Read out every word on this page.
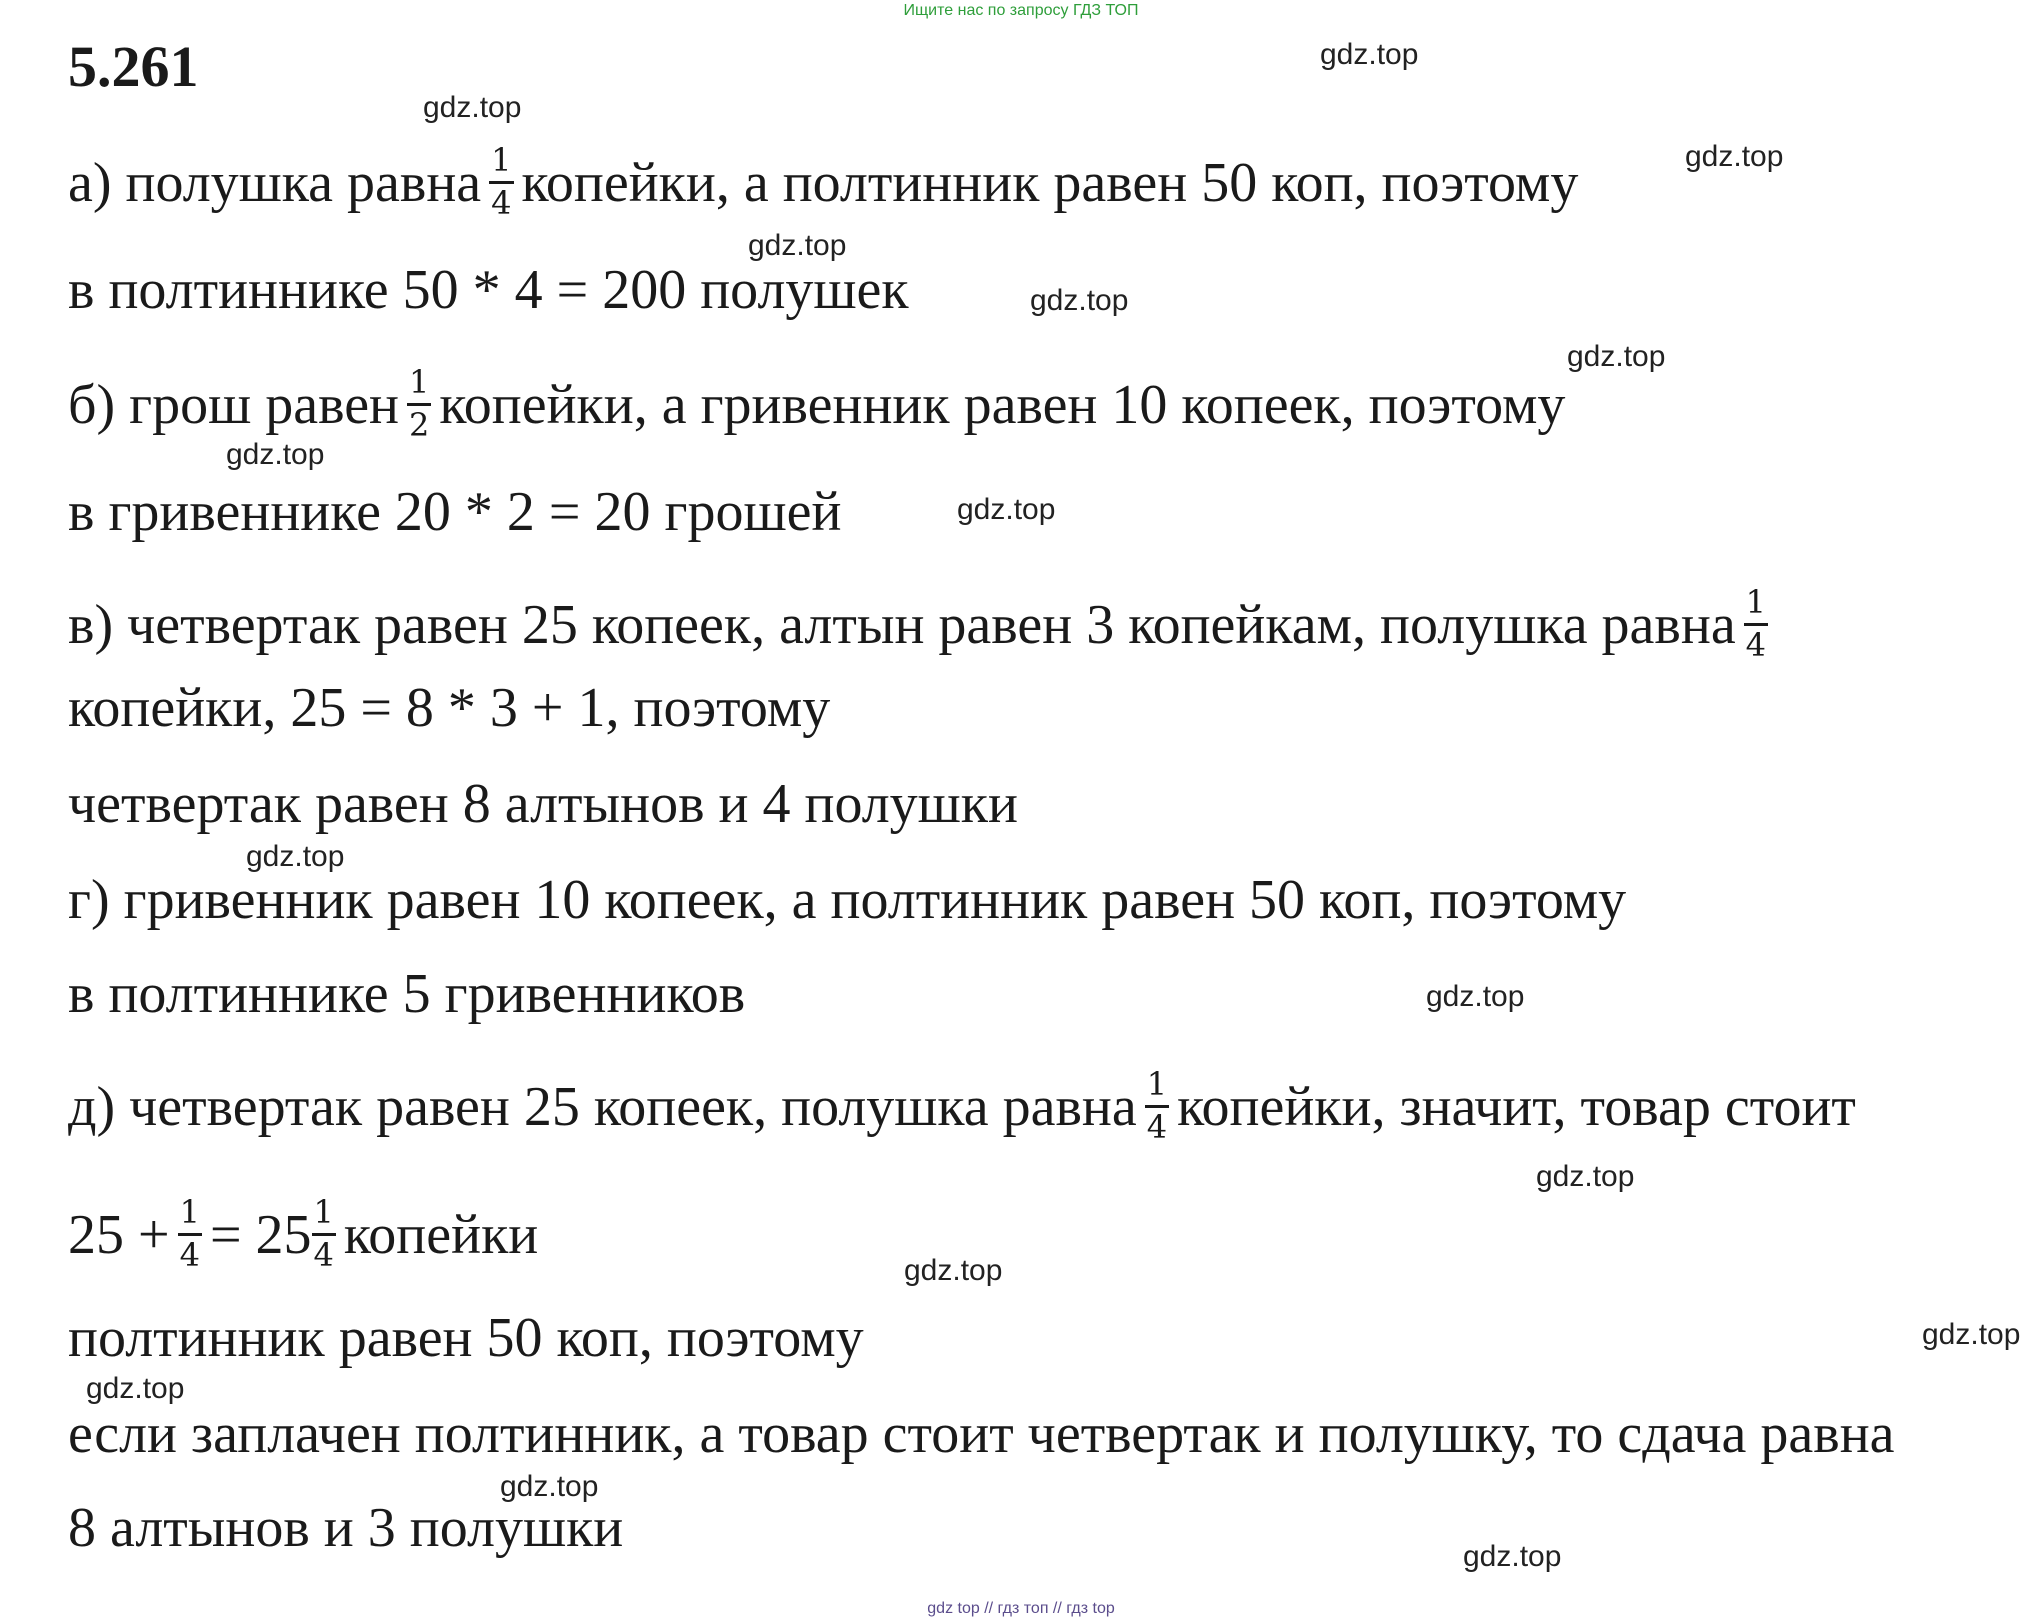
Ищите нас по запросу ГДЗ ТОП
5.261
а) полушка равна $\frac{1}{4}$ копейки, а полтинник равен 50 коп, поэтому
в полтиннике 50 * 4 = 200 полушек
б) грош равен $\frac{1}{2}$ копейки, а гривенник равен 10 копеек, поэтому
в гривеннике 20 * 2 = 20 грошей
в) четвертак равен 25 копеек, алтын равен 3 копейкам, полушка равна $\frac{1}{4}$
копейки, 25 = 8 * 3 + 1, поэтому
четвертак равен 8 алтынов и 4 полушки
г) гривенник равен 10 копеек, а полтинник равен 50 коп, поэтому
в полтиннике 5 гривенников
д) четвертак равен 25 копеек, полушка равна $\frac{1}{4}$ копейки, значит, товар стоит
$25 + \frac{1}{4} = 25 \frac{1}{4}$ копейки
полтинник равен 50 коп, поэтому
если заплачен полтинник, а товар стоит четвертак и полушку, то сдача равна
8 алтынов и 3 полушки
gdz.top
gdz.top
gdz.top
gdz.top
gdz.top
gdz.top
gdz.top
gdz.top
gdz.top
gdz.top
gdz.top
gdz.top
gdz.top
gdz.top
gdz.top
gdz.top
gdz top // гдз топ // гдз top
